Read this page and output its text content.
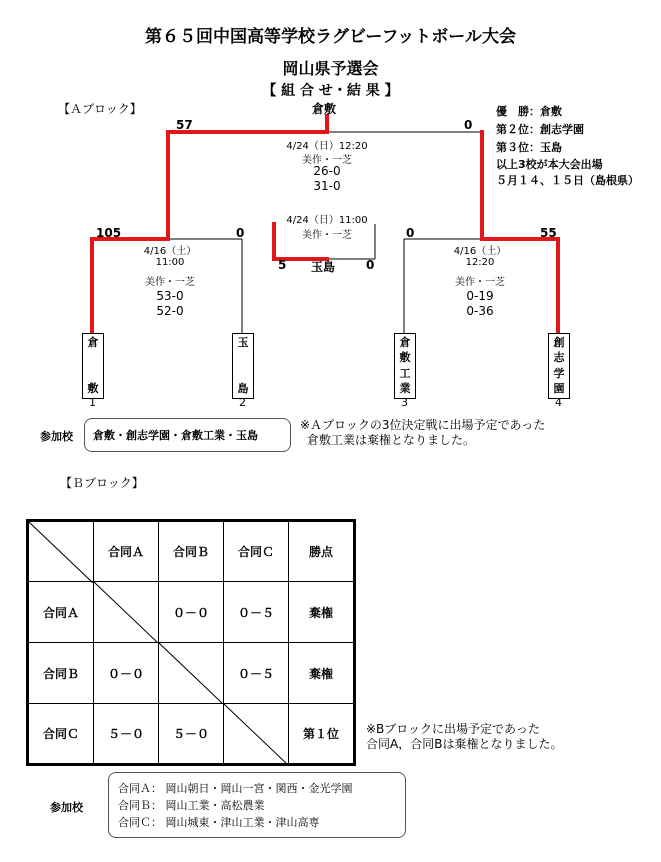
第６５回中国高等学校ラグビーフットボール大会
岡山県予選会
【 組 合 せ・結 果 】
【Ａブロック】	倉敷	優　勝：倉敷
第２位：創志学園
第３位：玉島
以上3校が本大会出場
５月１４、１５日（島根県）
57	0
4/24（日）12:20
美作・一芝
26-0
31-0
4/24（日）11:00
美作・一芝
5 玉島	0
105	0
4/16（土）
11:00
美作・一芝
53-0
52-0
0	55
4/16（土）
12:20
美作・一芝
0-19
0-36
倉
敷
玉
島
倉
敷
工
業
創
志
学
園
1	2	3	4
参加校 倉敷・創志学園・倉敷工業・玉島
※Ａブロックの3位決定戦に出場予定であった
倉敷工業は棄権となりました。
【Ｂブロック】
	合同Ａ	合同Ｂ	合同Ｃ	勝点
合同Ａ		０－０	０－５	棄権
合同Ｂ	０－０		０－５	棄権
合同Ｃ	５－０	５－０		第１位 ※Bブロックに出場予定であった
合同A，合同Bは棄権となりました。
参加校
合同Ａ： 岡山朝日・岡山一宮・関西・金光学園
合同Ｂ： 岡山工業・高松農業
合同Ｃ： 岡山城東・津山工業・津山高専
